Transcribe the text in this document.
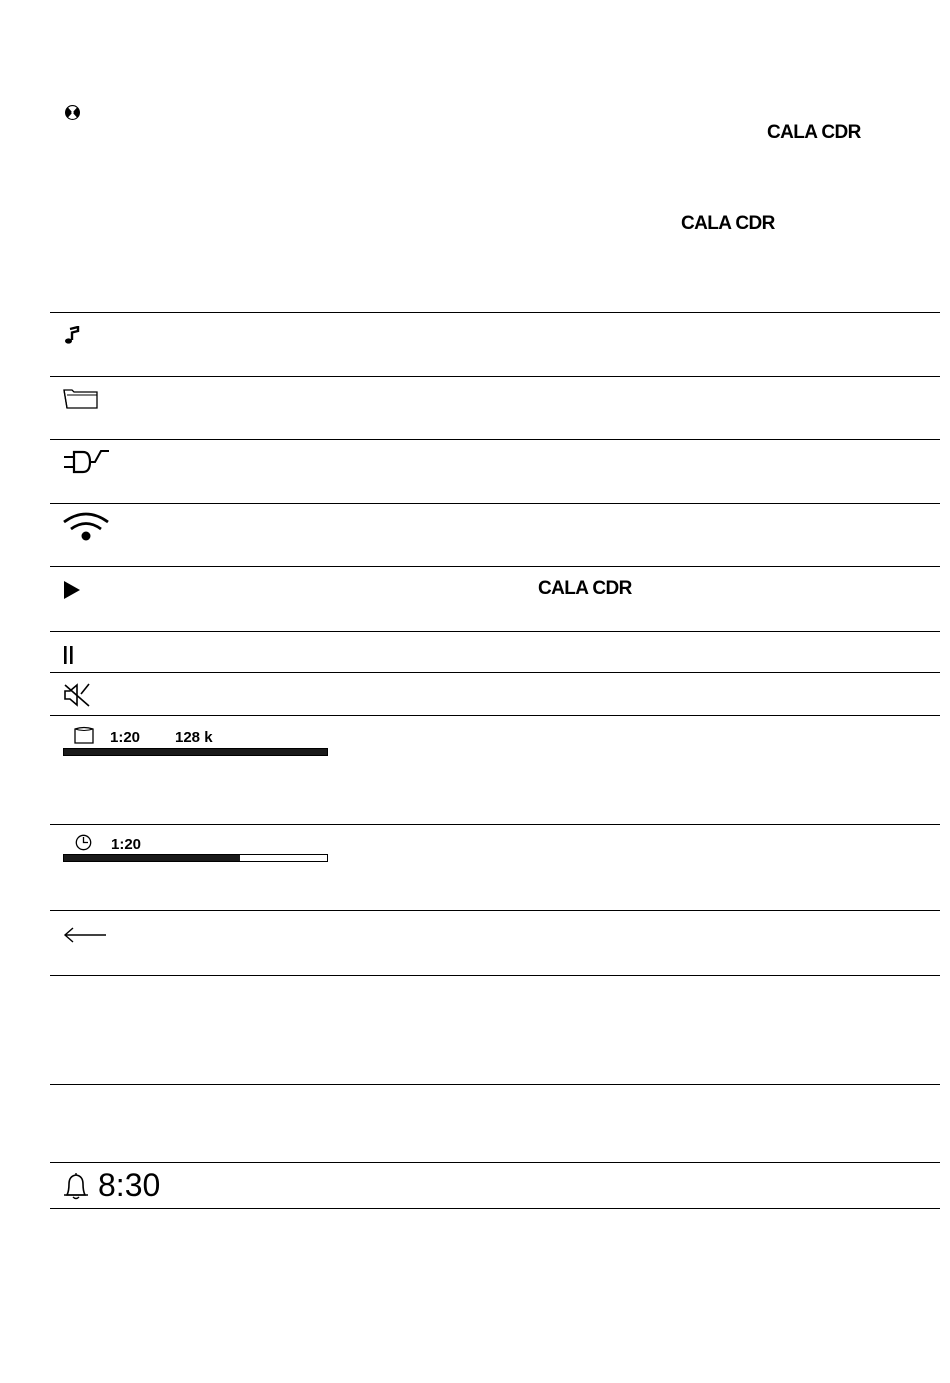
CALA CDR
CALA CDR
CALA CDR
1:20 128 k
1:20
8:30
